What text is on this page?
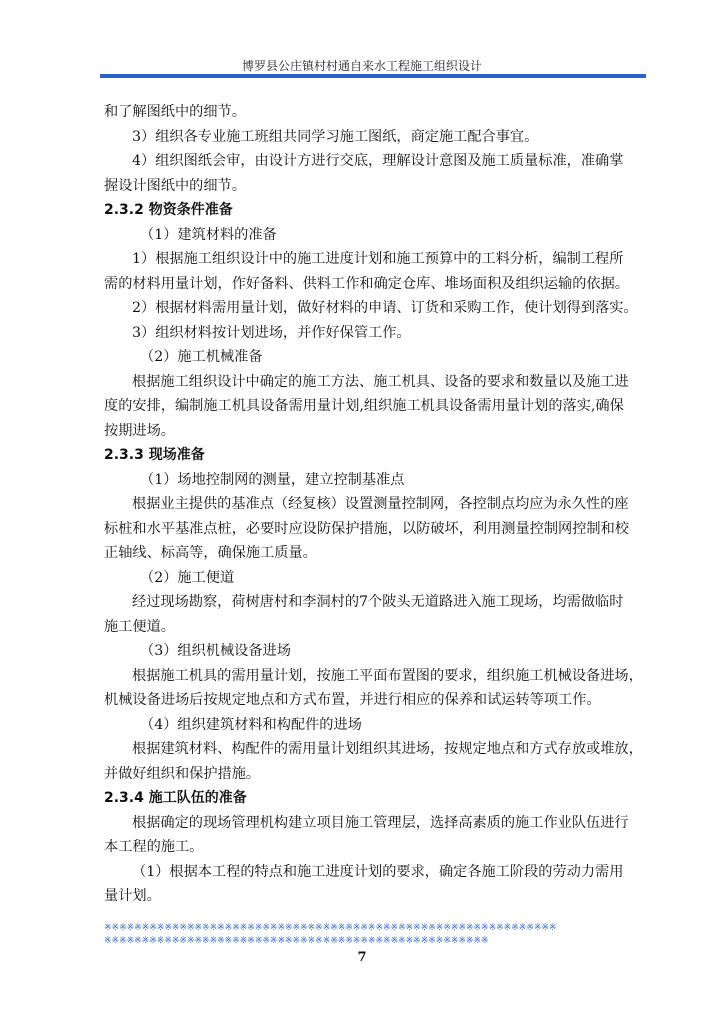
博罗县公庄镇村村通自来水工程施工组织设计
和了解图纸中的细节。
3）组织各专业施工班组共同学习施工图纸，商定施工配合事宜。
4）组织图纸会审，由设计方进行交底，理解设计意图及施工质量标准，准确掌
握设计图纸中的细节。
2.3.2 物资条件准备
（1）建筑材料的准备
1）根据施工组织设计中的施工进度计划和施工预算中的工料分析，编制工程所
需的材料用量计划，作好备料、供料工作和确定仓库、堆场面积及组织运输的依据。
2）根据材料需用量计划，做好材料的申请、订货和采购工作，使计划得到落实。
3）组织材料按计划进场，并作好保管工作。
（2）施工机械准备
根据施工组织设计中确定的施工方法、施工机具、设备的要求和数量以及施工进
度的安排，编制施工机具设备需用量计划,组织施工机具设备需用量计划的落实,确保
按期进场。
2.3.3 现场准备
（1）场地控制网的测量，建立控制基准点
根据业主提供的基准点（经复核）设置测量控制网，各控制点均应为永久性的座
标桩和水平基准点桩，必要时应设防保护措施，以防破坏，利用测量控制网控制和校
正轴线、标高等，确保施工质量。
（2）施工便道
经过现场勘察，荷树唐村和李洞村的7个陂头无道路进入施工现场，均需做临时
施工便道。
（3）组织机械设备进场
根据施工机具的需用量计划，按施工平面布置图的要求，组织施工机械设备进场，
机械设备进场后按规定地点和方式布置，并进行相应的保养和试运转等项工作。
（4）组织建筑材料和构配件的进场
根据建筑材料、构配件的需用量计划组织其进场，按规定地点和方式存放或堆放，
并做好组织和保护措施。
2.3.4 施工队伍的准备
根据确定的现场管理机构建立项目施工管理层，选择高素质的施工作业队伍进行
本工程的施工。
（1）根据本工程的特点和施工进度计划的要求，确定各施工阶段的劳动力需用
量计划。
※※※※※※※※※※※※※※※※※※※※※※※※※※※※※※※※※※※※※※※※※※※※※※※※※※※※※※※※※※※※
※※※※※※※※※※※※※※※※※※※※※※※※※※※※※※※※※※※※※※※※※※※※※※※※※※※
7
